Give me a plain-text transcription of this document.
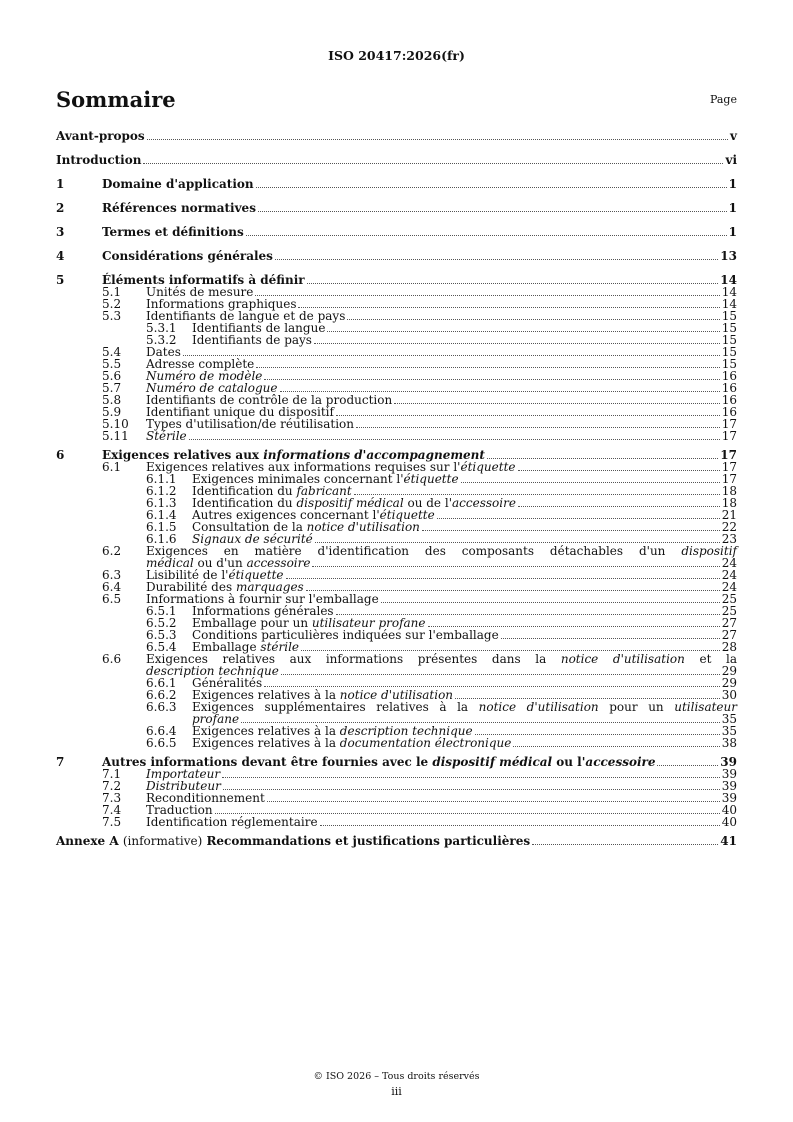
ISO 20417:2026(fr)
Sommaire	Page
Avant-propos	v
Introduction	vi
1	Domaine d'application	1
2	Références normatives	1
3	Termes et définitions	1
4	Considérations générales	13
5	Éléments informatifs à définir	14
5.1 Unités de mesure	14
5.2 Informations graphiques	14
5.3 Identifiants de langue et de pays	15
5.3.1 Identifiants de langue	15
5.3.2 Identifiants de pays	15
5.4 Dates	15
5.5 Adresse complète	15
5.6 Numéro de modèle	16
5.7 Numéro de catalogue	16
5.8 Identifiants de contrôle de la production	16
5.9 Identifiant unique du dispositif	16
5.10 Types d'utilisation/de réutilisation	17
5.11 Stérile	17
6	Exigences relatives aux informations d'accompagnement	17
6.1 Exigences relatives aux informations requises sur l'étiquette	17
6.1.1 Exigences minimales concernant l'étiquette	17
6.1.2 Identification du fabricant	18
6.1.3 Identification du dispositif médical ou de l'accessoire	18
6.1.4 Autres exigences concernant l'étiquette	21
6.1.5 Consultation de la notice d'utilisation	22
6.1.6 Signaux de sécurité	23
6.2 Exigences en matière d'identification des composants détachables d'un dispositif
médical ou d'un accessoire	24
6.3 Lisibilité de l'étiquette	24
6.4 Durabilité des marquages	24
6.5 Informations à fournir sur l'emballage	25
6.5.1 Informations générales	25
6.5.2 Emballage pour un utilisateur profane	27
6.5.3 Conditions particulières indiquées sur l'emballage	27
6.5.4 Emballage stérile	28
6.6 Exigences relatives aux informations présentes dans la notice d'utilisation et la
description technique	29
6.6.1 Généralités	29
6.6.2 Exigences relatives à la notice d'utilisation	30
6.6.3 Exigences supplémentaires relatives à la notice d'utilisation pour un utilisateur
profane	35
6.6.4 Exigences relatives à la description technique	35
6.6.5 Exigences relatives à la documentation électronique	38
7	Autres informations devant être fournies avec le dispositif médical ou l'accessoire	39
7.1 Importateur	39
7.2 Distributeur	39
7.3 Reconditionnement	39
7.4 Traduction	40
7.5 Identification réglementaire	40
Annexe A (informative) Recommandations et justifications particulières	41
© ISO 2026 – Tous droits réservés
iii
